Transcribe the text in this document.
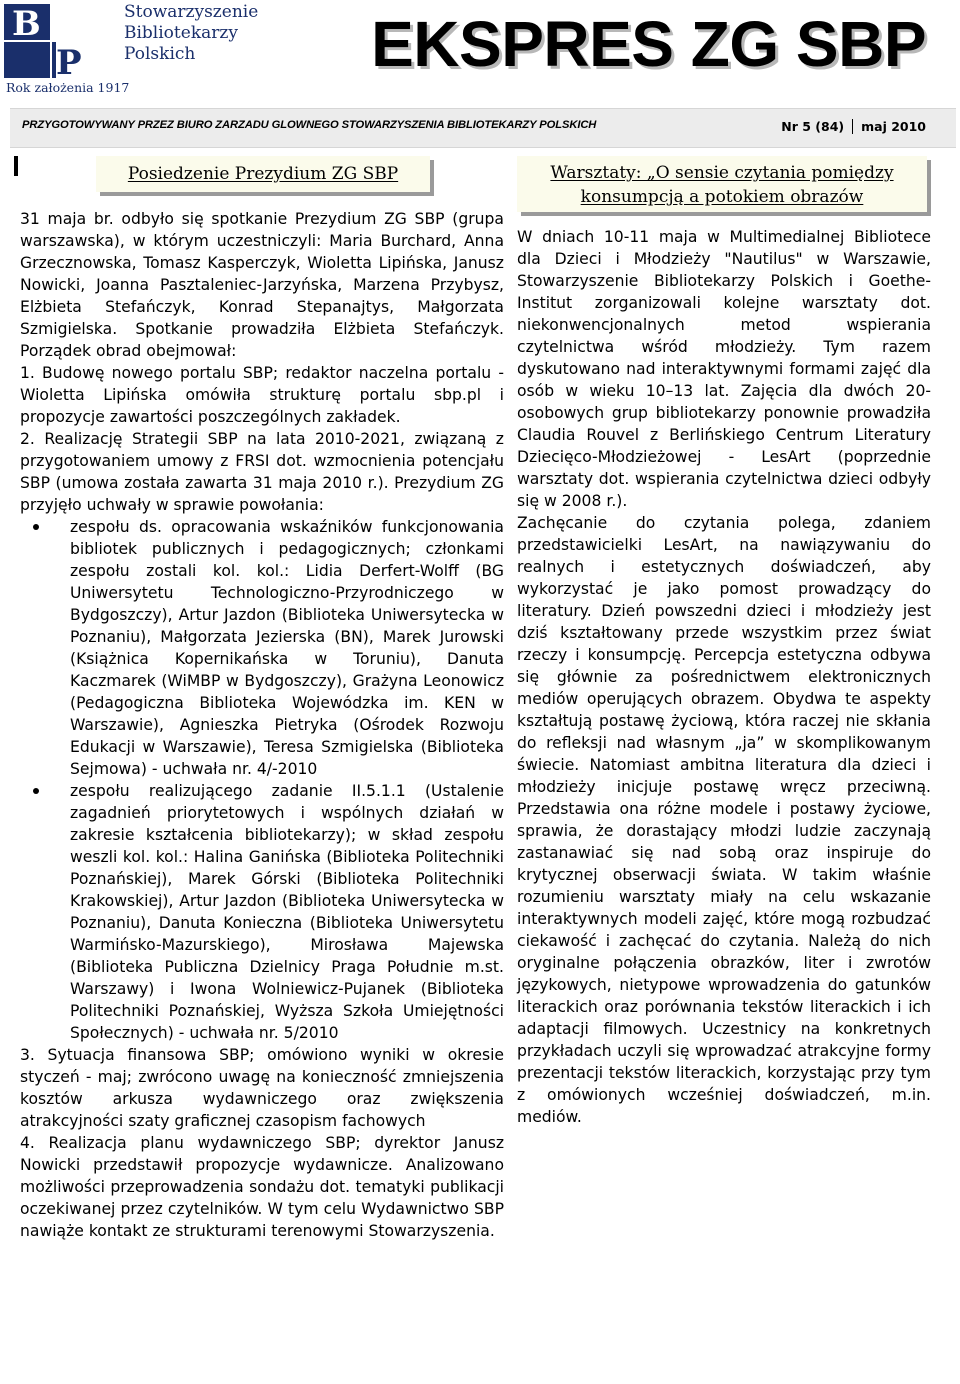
B
P
Stowarzyszenie
Bibliotekarzy
Polskich
Rok założenia 1917
EKSPRES ZG SBP
PRZYGOTOWYWANY PRZEZ BIURO ZARZADU GLOWNEGO STOWARZYSZENIA BIBLIOTEKARZY POLSKICH	Nr 5 (84) maj 2010
Posiedzenie Prezydium ZG SBP

31 maja br. odbyło się spotkanie Prezydium ZG SBP (grupa warszawska), w którym uczestniczyli: Maria Burchard, Anna Grzecznowska, Tomasz Kasperczyk, Wioletta Lipińska, Janusz Nowicki, Joanna Pasztaleniec-Jarzyńska, Marzena Przybysz, Elżbieta Stefańczyk, Konrad Stepanajtys, Małgorzata Szmigielska. Spotkanie prowadziła Elżbieta Stefańczyk. Porządek obrad obejmował:

1. Budowę nowego portalu SBP; redaktor naczelna portalu - Wioletta Lipińska omówiła strukturę portalu sbp.pl i propozycje zawartości poszczególnych zakładek.

2. Realizację Strategii SBP na lata 2010-2021, związaną z przygotowaniem umowy z FRSI dot. wzmocnienia potencjału SBP (umowa została zawarta 31 maja 2010 r.). Prezydium ZG przyjęło uchwały w sprawie powołania:

zespołu ds. opracowania wskaźników funkcjonowania bibliotek publicznych i pedagogicznych; członkami zespołu zostali kol. kol.: Lidia Derfert-Wolff (BG Uniwersytetu Technologiczno-Przyrodniczego w Bydgoszczy), Artur Jazdon (Biblioteka Uniwersytecka w Poznaniu), Małgorzata Jezierska (BN), Marek Jurowski (Książnica Kopernikańska w Toruniu), Danuta Kaczmarek (WiMBP w Bydgoszczy), Grażyna Leonowicz (Pedagogiczna Biblioteka Wojewódzka im. KEN w Warszawie), Agnieszka Pietryka (Ośrodek Rozwoju Edukacji w Warszawie), Teresa Szmigielska (Biblioteka Sejmowa) - uchwała nr. 4/-2010
zespołu realizującego zadanie II.5.1.1 (Ustalenie zagadnień priorytetowych i wspólnych działań w zakresie kształcenia bibliotekarzy); w skład zespołu weszli kol. kol.: Halina Ganińska (Biblioteka Politechniki Poznańskiej), Marek Górski (Biblioteka Politechniki Krakowskiej), Artur Jazdon (Biblioteka Uniwersytecka w Poznaniu), Danuta Konieczna (Biblioteka Uniwersytetu Warmińsko-Mazurskiego), Mirosława Majewska (Biblioteka Publiczna Dzielnicy Praga Południe m.st. Warszawy) i Iwona Wolniewicz-Pujanek (Biblioteka Politechniki Poznańskiej, Wyższa Szkoła Umiejętności Społecznych) - uchwała nr. 5/2010

3. Sytuacja finansowa SBP; omówiono wyniki w okresie styczeń - maj; zwrócono uwagę na konieczność zmniejszenia kosztów arkusza wydawniczego oraz zwiększenia atrakcyjności szaty graficznej czasopism fachowych

4. Realizacja planu wydawniczego SBP; dyrektor Janusz Nowicki przedstawił propozycje wydawnicze. Analizowano możliwości przeprowadzenia sondażu dot. tematyki publikacji oczekiwanej przez czytelników. W tym celu Wydawnictwo SBP nawiąże kontakt ze strukturami terenowymi Stowarzyszenia.

Warsztaty: „O sensie czytania pomiędzy konsumpcją a potokiem obrazów

W dniach 10-11 maja w Multimedialnej Bibliotece dla Dzieci i Młodzieży "Nautilus" w Warszawie, Stowarzyszenie Bibliotekarzy Polskich i Goethe-Institut zorganizowali kolejne warsztaty dot. niekonwencjonalnych metod wspierania czytelnictwa wśród młodzieży. Tym razem dyskutowano nad interaktywnymi formami zajęć dla osób w wieku 10–13 lat. Zajęcia dla dwóch 20-osobowych grup bibliotekarzy ponownie prowadziła Claudia Rouvel z Berlińskiego Centrum Literatury Dziecięco-Młodzieżowej - LesArt (poprzednie warsztaty dot. wspierania czytelnictwa dzieci odbyły się w 2008 r.).

Zachęcanie do czytania polega, zdaniem przedstawicielki LesArt, na nawiązywaniu do realnych i estetycznych doświadczeń, aby wykorzystać je jako pomost prowadzący do literatury. Dzień powszedni dzieci i młodzieży jest dziś kształtowany przede wszystkim przez świat rzeczy i konsumpcję. Percepcja estetyczna odbywa się głównie za pośrednictwem elektronicznych mediów operujących obrazem. Obydwa te aspekty kształtują postawę życiową, która raczej nie skłania do refleksji nad własnym „ja” w skomplikowanym świecie. Natomiast ambitna literatura dla dzieci i młodzieży inicjuje postawę wręcz przeciwną. Przedstawia ona różne modele i postawy życiowe, sprawia, że dorastający młodzi ludzie zaczynają zastanawiać się nad sobą oraz inspiruje do krytycznej obserwacji świata. W takim właśnie rozumieniu warsztaty miały na celu wskazanie interaktywnych modeli zajęć, które mogą rozbudzać ciekawość i zachęcać do czytania. Należą do nich oryginalne połączenia obrazków, liter i zwrotów językowych, nietypowe wprowadzenia do gatunków literackich oraz porównania tekstów literackich i ich adaptacji filmowych. Uczestnicy na konkretnych przykładach uczyli się wprowadzać atrakcyjne formy prezentacji tekstów literackich, korzystając przy tym z omówionych wcześniej doświadczeń, m.in. mediów.
